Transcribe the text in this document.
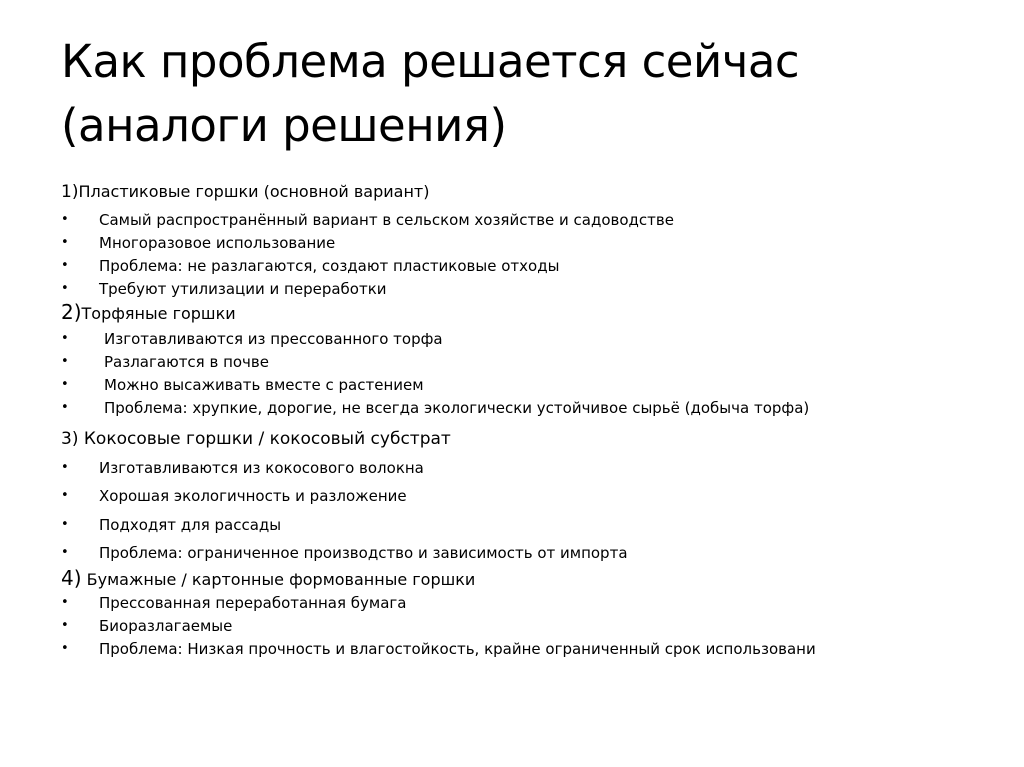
Как проблема решается сейчас
(аналоги решения)
1)Пластиковые горшки (основной вариант)
• Самый распространённый вариант в сельском хозяйстве и садоводстве
• Многоразовое использование
• Проблема: не разлагаются, создают пластиковые отходы
• Требуют утилизации и переработки
2)Торфяные горшки
• Изготавливаются из прессованного торфа
• Разлагаются в почве
• Можно высаживать вместе с растением
• Проблема: хрупкие, дорогие, не всегда экологически устойчивое сырьё (добыча торфа)
3) Кокосовые горшки / кокосовый субстрат
• Изготавливаются из кокосового волокна
• Хорошая экологичность и разложение
• Подходят для рассады
• Проблема: ограниченное производство и зависимость от импорта
4) Бумажные / картонные формованные горшки
• Прессованная переработанная бумага
• Биоразлагаемые
• Проблема: Низкая прочность и влагостойкость, крайне ограниченный срок использовани
